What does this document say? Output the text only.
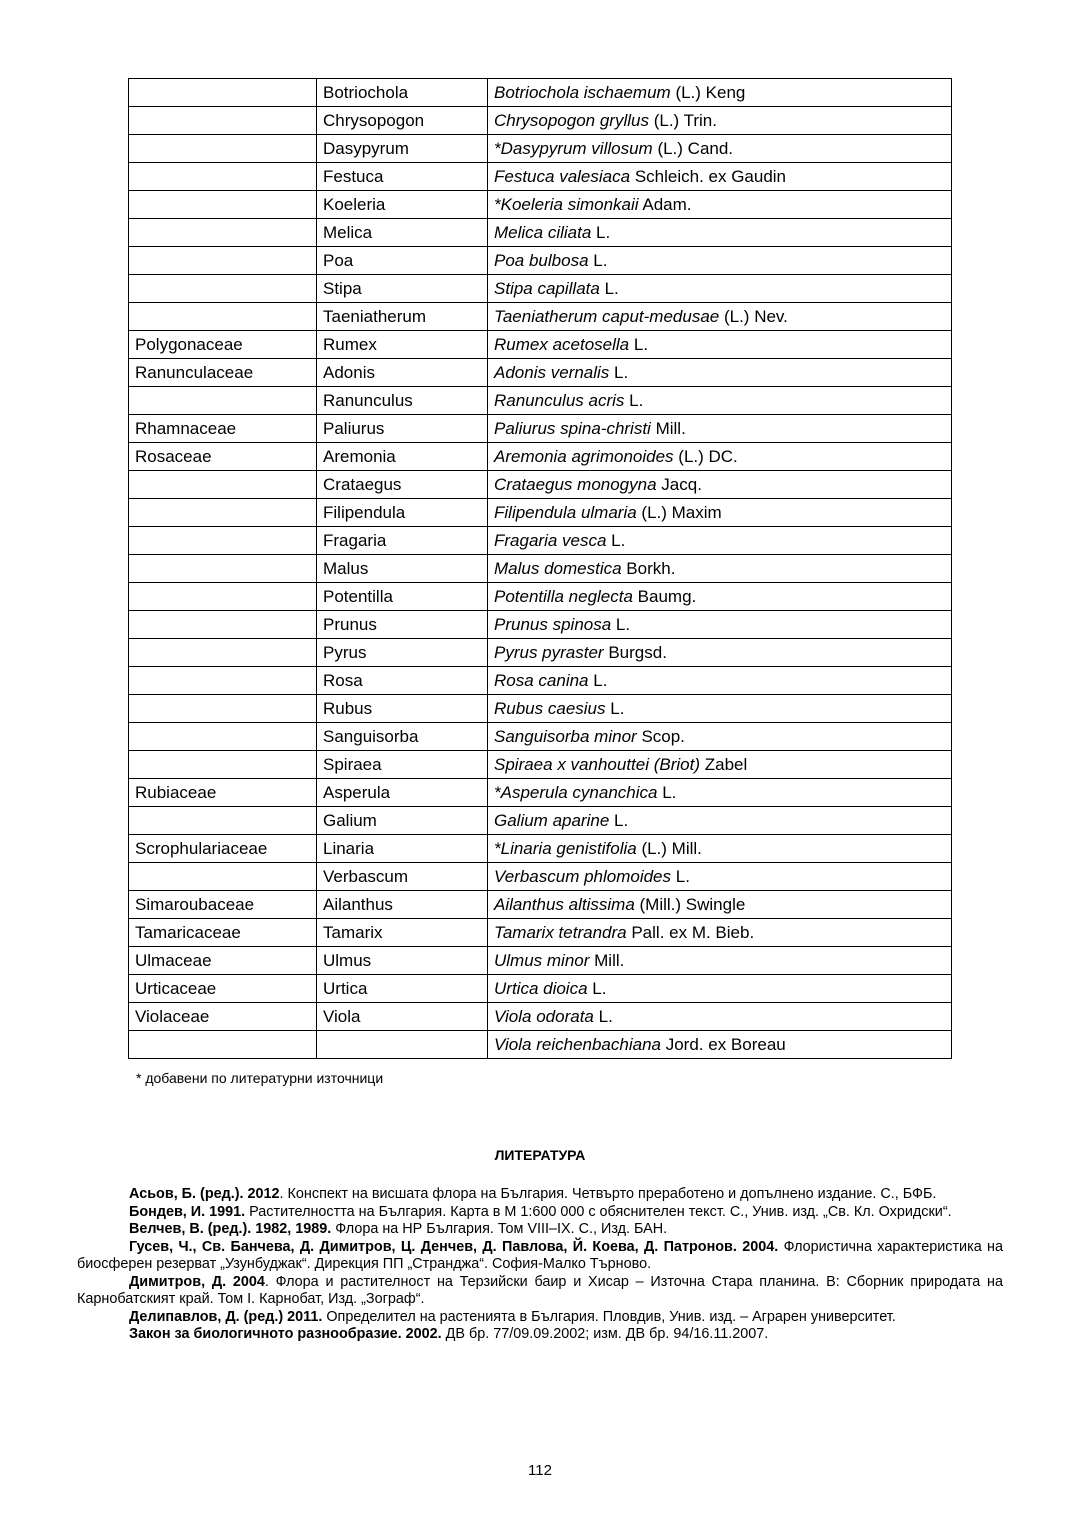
	Botriochola	Botriochola ischaemum (L.) Keng
	Chrysopogon	Chrysopogon gryllus (L.) Trin.
	Dasypyrum	*Dasypyrum villosum (L.) Cand.
	Festuca	Festuca valesiaca Schleich. ex Gaudin
	Koeleria	*Koeleria simonkaii Adam.
	Melica	Melica ciliata L.
	Poa	Poa bulbosa L.
	Stipa	Stipa capillata L.
	Taeniatherum	Taeniatherum caput-medusae (L.) Nev.
Polygonaceae	Rumex	Rumex acetosella L.
Ranunculaceae	Adonis	Adonis vernalis L.
	Ranunculus	Ranunculus acris L.
Rhamnaceae	Paliurus	Paliurus spina-christi Mill.
Rosaceae	Aremonia	Aremonia agrimonoides (L.) DC.
	Crataegus	Crataegus monogyna Jacq.
	Filipendula	Filipendula ulmaria (L.) Maxim
	Fragaria	Fragaria vesca L.
	Malus	Malus domestica Borkh.
	Potentilla	Potentilla neglecta Baumg.
	Prunus	Prunus spinosa L.
	Pyrus	Pyrus pyraster Burgsd.
	Rosa	Rosa canina L.
	Rubus	Rubus caesius L.
	Sanguisorba	Sanguisorba minor Scop.
	Spiraea	Spiraea x vanhouttei (Briot) Zabel
Rubiaceae	Asperula	*Asperula cynanchica L.
	Galium	Galium aparine L.
Scrophulariaceae	Linaria	*Linaria genistifolia (L.) Mill.
	Verbascum	Verbascum phlomoides L.
Simaroubaceae	Ailanthus	Ailanthus altissima (Mill.) Swingle
Tamaricaceae	Tamarix	Tamarix tetrandra Pall. ex M. Bieb.
Ulmaceae	Ulmus	Ulmus minor Mill.
Urticaceae	Urtica	Urtica dioica L.
Violaceae	Viola	Viola odorata L.
		Viola reichenbachiana Jord. ex Boreau
* добавени по литературни източници
ЛИТЕРАТУРА

Асьов, Б. (ред.). 2012. Конспект на висшата флора на България. Четвърто преработено и допълнено издание. С., БФБ.

Бондев, И. 1991. Растителността на България. Карта в М 1:600 000 с обяснителен текст. С., Унив. изд. „Св. Кл. Охридски“.

Велчев, В. (ред.). 1982, 1989. Флора на НР България. Том VIII–IX. С., Изд. БАН.

Гусев, Ч., Св. Банчева, Д. Димитров, Ц. Денчев, Д. Павлова, Й. Коева, Д. Патронов. 2004. Флористична характеристика на биосферен резерват „Узунбуджак“. Дирекция ПП „Странджа“. София-Малко Търново.

Димитров, Д. 2004. Флора и растителност на Терзийски баир и Хисар – Източна Стара планина. В: Сборник природата на Карнобатският край. Том I. Карнобат, Изд. „Зограф“.

Делипавлов, Д. (ред.) 2011. Определител на растенията в България. Пловдив, Унив. изд. – Аграрен университет.

Закон за биологичното разнообразие. 2002. ДВ бр. 77/09.09.2002; изм. ДВ бр. 94/16.11.2007.

112
